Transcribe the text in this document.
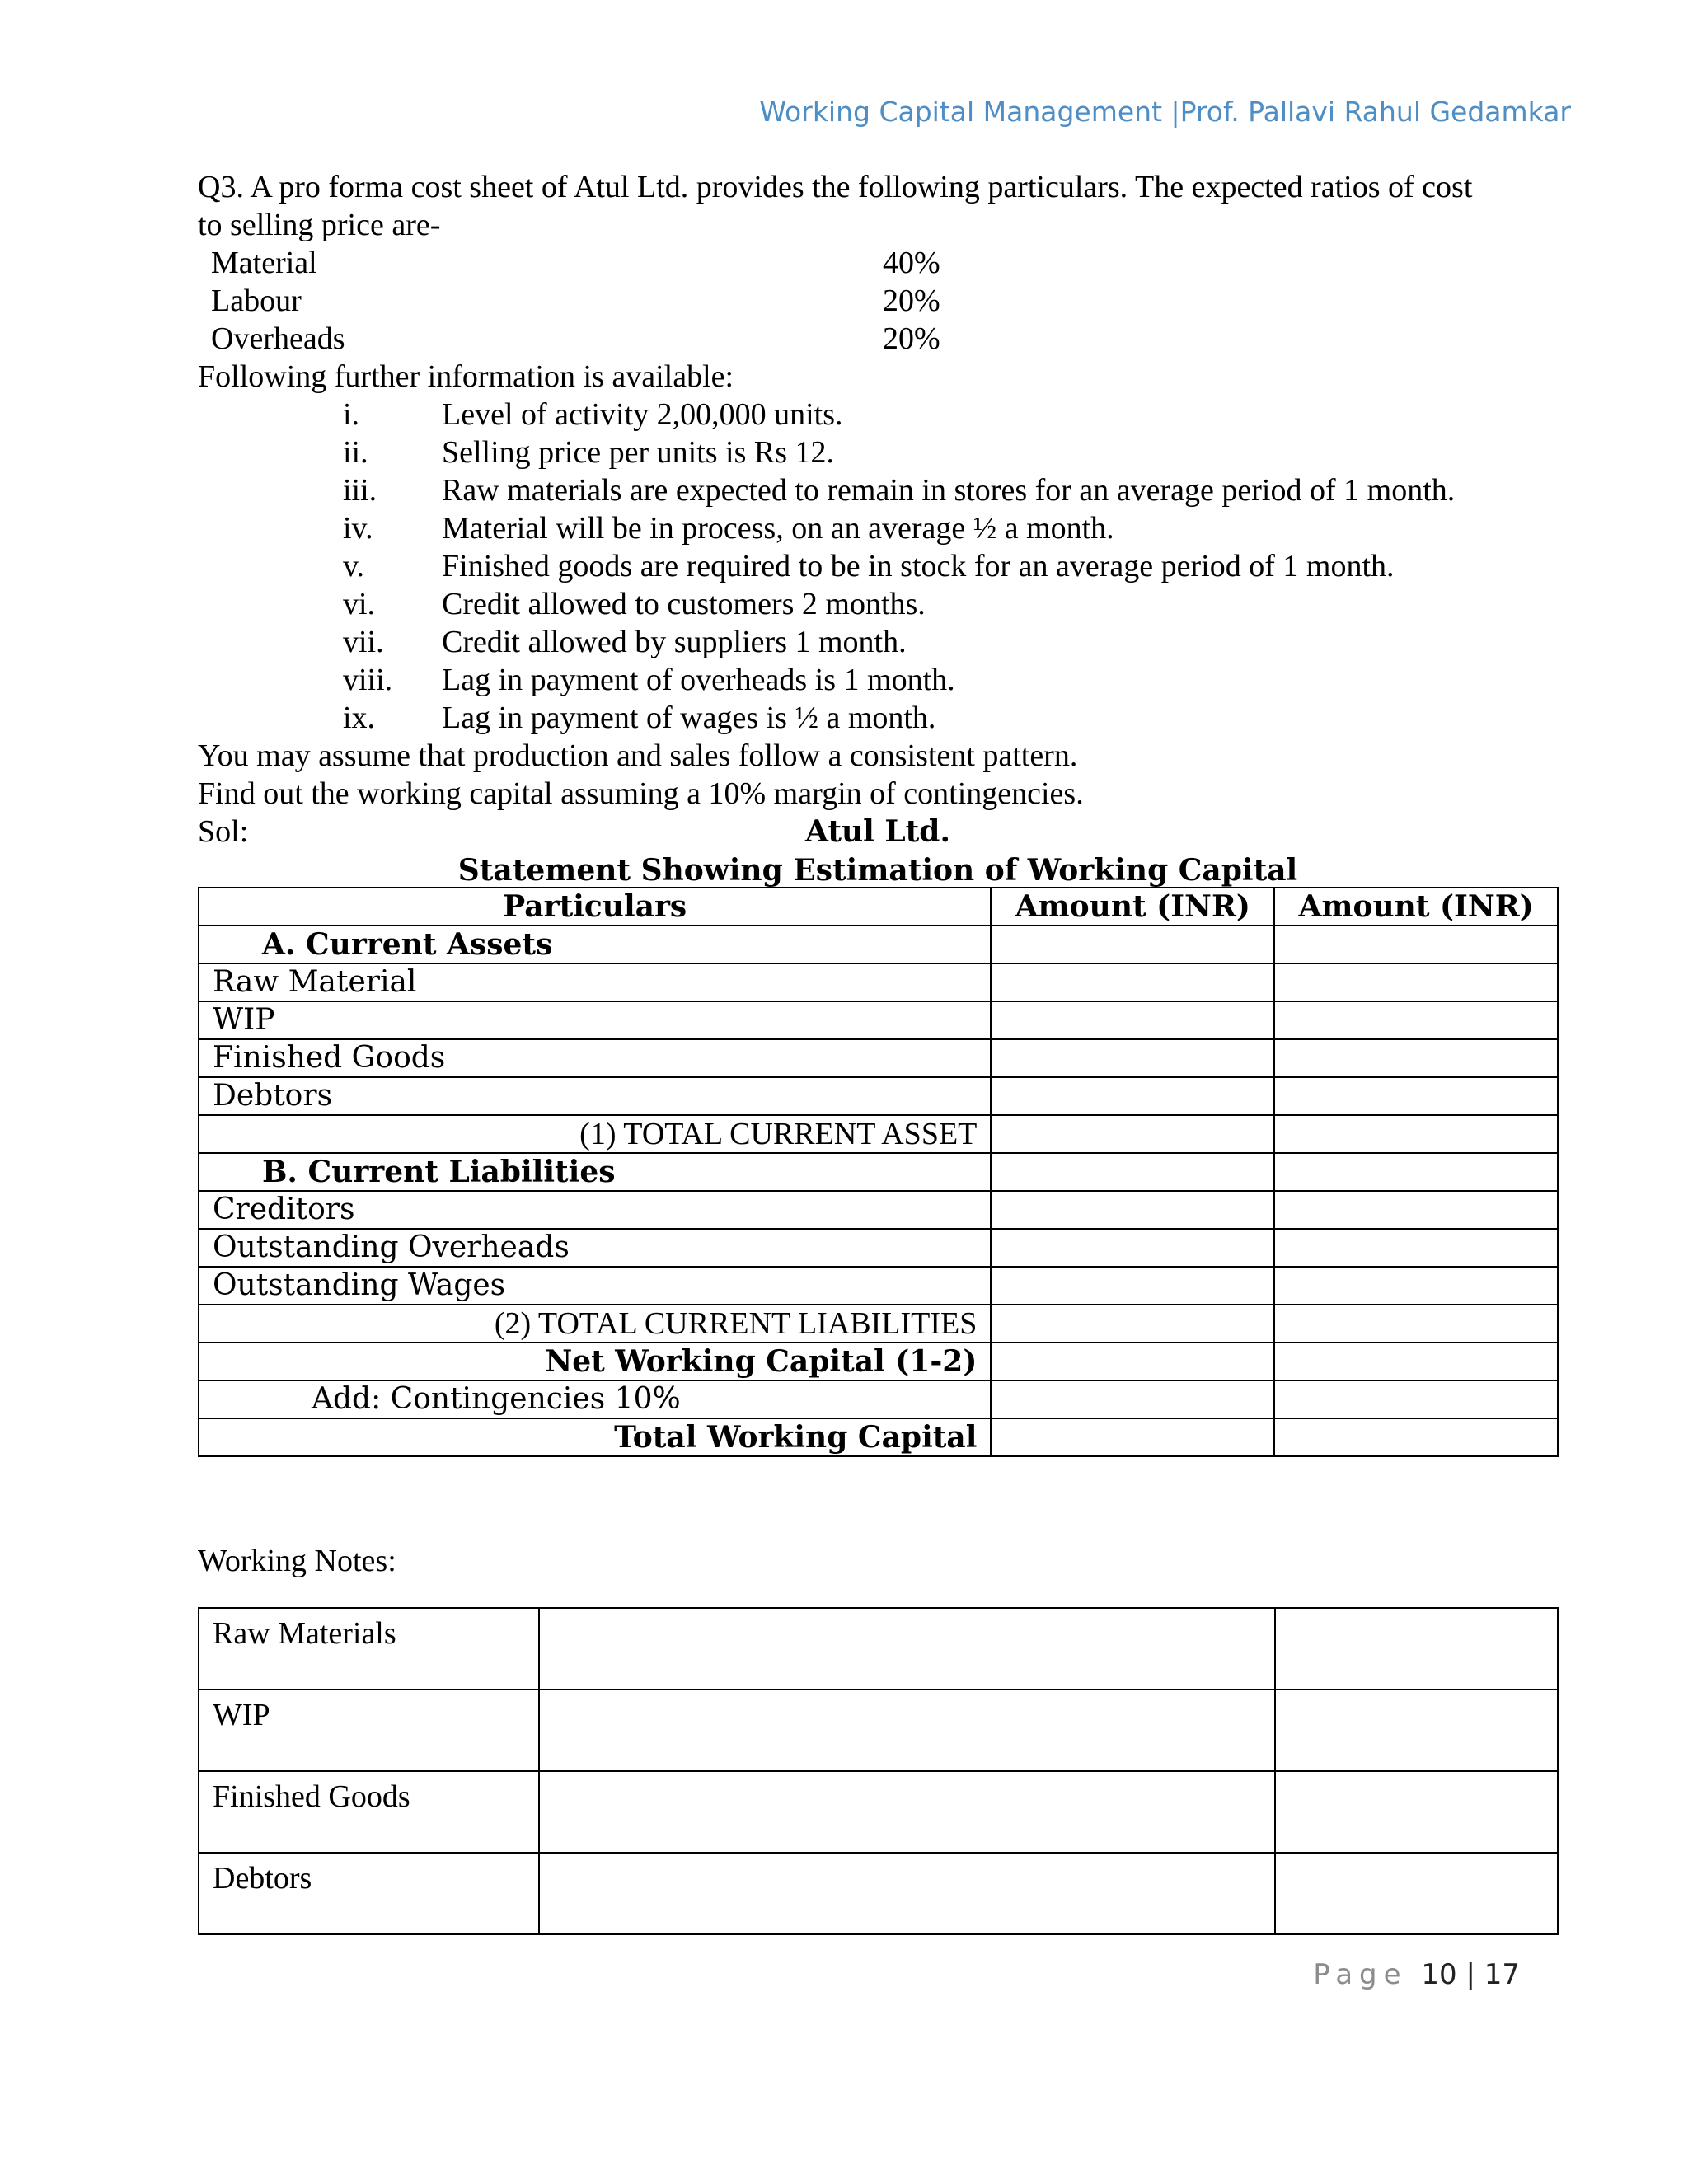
Working Capital Management |Prof. Pallavi Rahul Gedamkar

Q3. A pro forma cost sheet of Atul Ltd. provides the following particulars. The expected ratios of cost

to selling price are-

Material	40%
Labour	20%
Overheads	20%

Following further information is available:

i.	Level of activity 2,00,000 units.
ii.	Selling price per units is Rs 12.
iii.	Raw materials are expected to remain in stores for an average period of 1 month.
iv.	Material will be in process, on an average ½ a month.
v.	Finished goods are required to be in stock for an average period of 1 month.
vi.	Credit allowed to customers 2 months.
vii.	Credit allowed by suppliers 1 month.
viii.	Lag in payment of overheads is 1 month.
ix.	Lag in payment of wages is ½ a month.

You may assume that production and sales follow a consistent pattern.

Find out the working capital assuming a 10% margin of contingencies.

Sol:	Atul Ltd.
Statement Showing Estimation of Working Capital
Particulars	Amount (INR)	Amount (INR)
A. Current Assets		
Raw Material		
WIP		
Finished Goods		
Debtors		
(1) TOTAL CURRENT ASSET		
B. Current Liabilities		
Creditors		
Outstanding Overheads		
Outstanding Wages		
(2) TOTAL CURRENT LIABILITIES		
Net Working Capital (1-2)		
Add: Contingencies 10%		
Total Working Capital		
Working Notes:
Raw Materials		
WIP		
Finished Goods		
Debtors		
Page 10 | 17
